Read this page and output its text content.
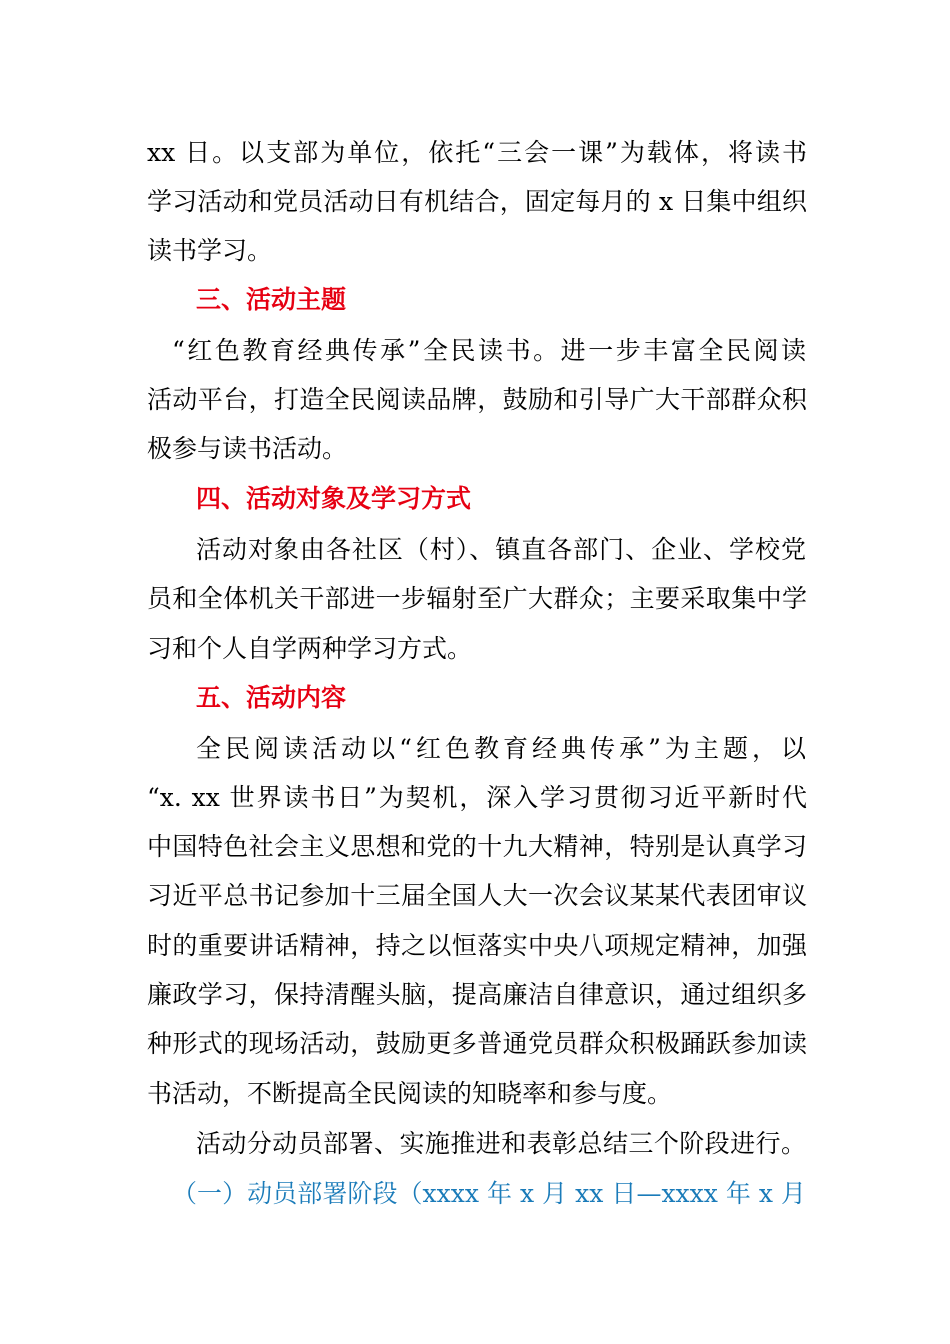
xx 日。以支部为单位，依托“三会一课”为载体，将读书
学习活动和党员活动日有机结合，固定每月的 x 日集中组织
读书学习。
三、活动主题
“红色教育经典传承”全民读书。进一步丰富全民阅读
活动平台，打造全民阅读品牌，鼓励和引导广大干部群众积
极参与读书活动。
四、活动对象及学习方式
活动对象由各社区（村）、镇直各部门、企业、学校党
员和全体机关干部进一步辐射至广大群众；主要采取集中学
习和个人自学两种学习方式。
五、活动内容
全民阅读活动以“红色教育经典传承”为主题，以
“x. xx 世界读书日”为契机，深入学习贯彻习近平新时代
中国特色社会主义思想和党的十九大精神，特别是认真学习
习近平总书记参加十三届全国人大一次会议某某代表团审议
时的重要讲话精神，持之以恒落实中央八项规定精神，加强
廉政学习，保持清醒头脑，提高廉洁自律意识，通过组织多
种形式的现场活动，鼓励更多普通党员群众积极踊跃参加读
书活动，不断提高全民阅读的知晓率和参与度。
活动分动员部署、实施推进和表彰总结三个阶段进行。
（一）动员部署阶段（xxxx 年 x 月 xx 日—xxxx 年 x 月
